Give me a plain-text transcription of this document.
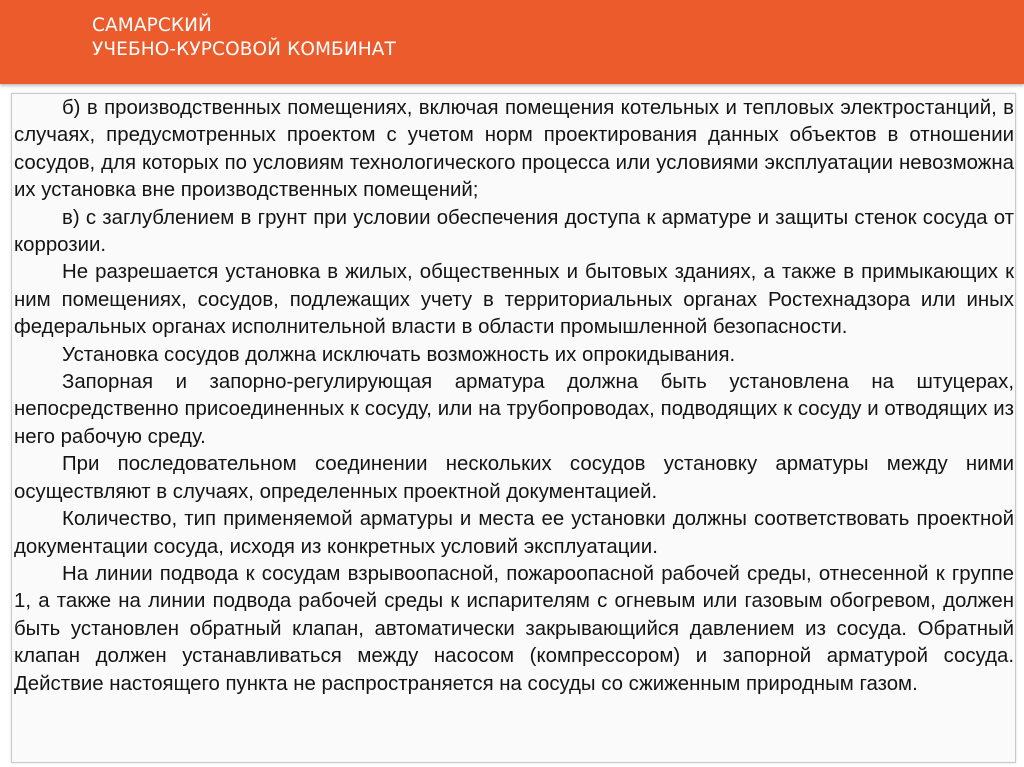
САМАРСКИЙ
УЧЕБНО-КУРСОВОЙ КОМБИНАТ

б) в производственных помещениях, включая помещения котельных и тепловых электростанций, в случаях, предусмотренных проектом с учетом норм проектирования данных объектов в отношении сосудов, для которых по условиям технологического процесса или условиями эксплуатации невозможна их установка вне производственных помещений;

в) с заглублением в грунт при условии обеспечения доступа к арматуре и защиты стенок сосуда от коррозии.

Не разрешается установка в жилых, общественных и бытовых зданиях, а также в примыкающих к ним помещениях, сосудов, подлежащих учету в территориальных органах Ростехнадзора или иных федеральных органах исполнительной власти в области промышленной безопасности.

Установка сосудов должна исключать возможность их опрокидывания.

Запорная и запорно-регулирующая арматура должна быть установлена на штуцерах, непосредственно присоединенных к сосуду, или на трубопроводах, подводящих к сосуду и отводящих из него рабочую среду.

При последовательном соединении нескольких сосудов установку арматуры между ними осуществляют в случаях, определенных проектной документацией.

Количество, тип применяемой арматуры и места ее установки должны соответствовать проектной документации сосуда, исходя из конкретных условий эксплуатации.

На линии подвода к сосудам взрывоопасной, пожароопасной рабочей среды, отнесенной к группе 1, а также на линии подвода рабочей среды к испарителям с огневым или газовым обогревом, должен быть установлен обратный клапан, автоматически закрывающийся давлением из сосуда. Обратный клапан должен устанавливаться между насосом (компрессором) и запорной арматурой сосуда. Действие настоящего пункта не распространяется на сосуды со сжиженным природным газом.
